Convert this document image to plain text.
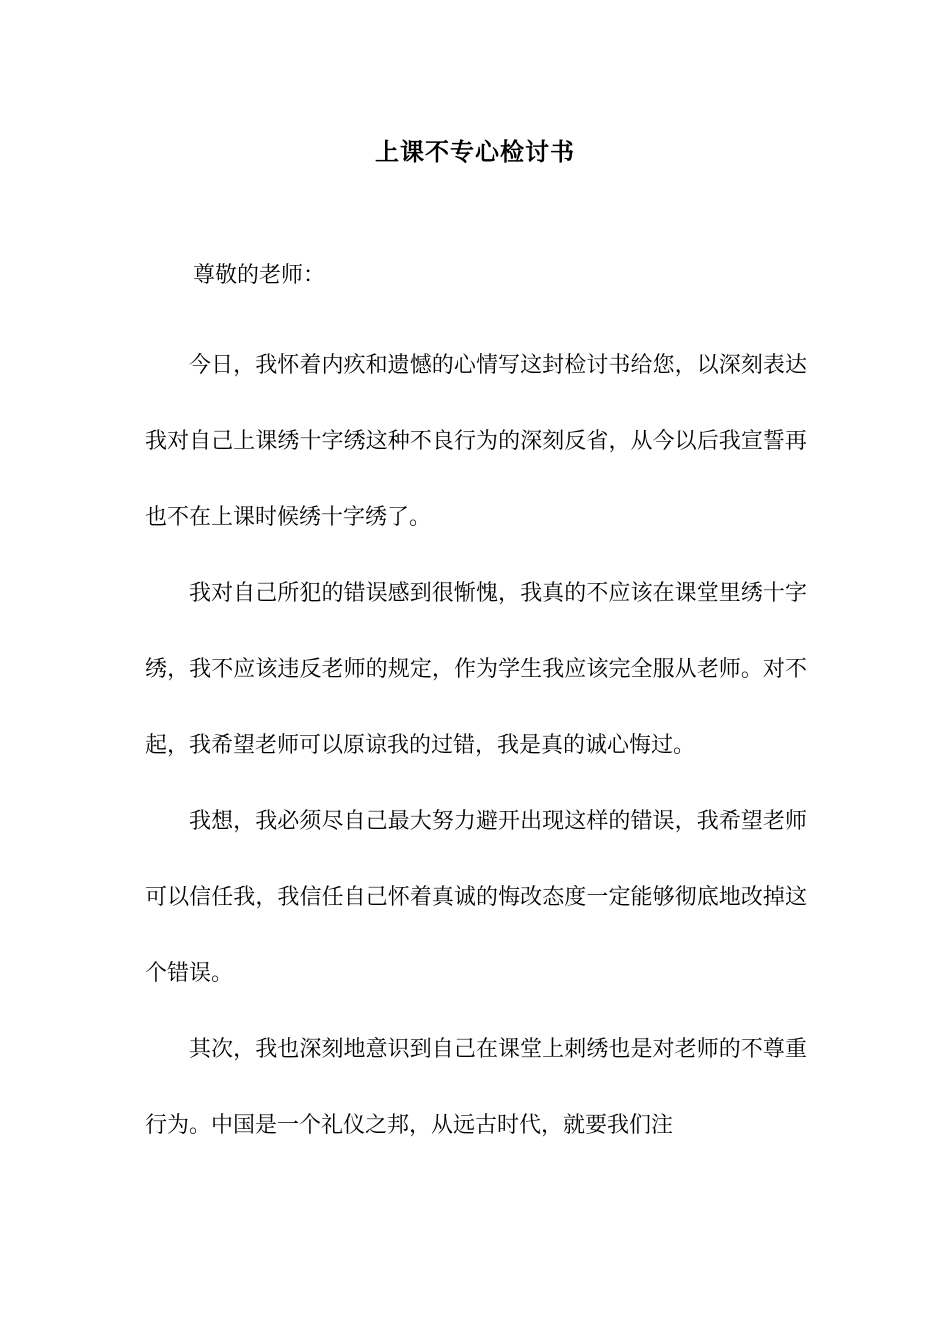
上课不专心检讨书

尊敬的老师：

今日，我怀着内疚和遗憾的心情写这封检讨书给您，以深刻表达我对自己上课绣十字绣这种不良行为的深刻反省，从今以后我宣誓再也不在上课时候绣十字绣了。

我对自己所犯的错误感到很惭愧，我真的不应该在课堂里绣十字绣，我不应该违反老师的规定，作为学生我应该完全服从老师。对不起，我希望老师可以原谅我的过错，我是真的诚心悔过。

我想，我必须尽自己最大努力避开出现这样的错误，我希望老师可以信任我，我信任自己怀着真诚的悔改态度一定能够彻底地改掉这个错误。

其次，我也深刻地意识到自己在课堂上刺绣也是对老师的不尊重行为。中国是一个礼仪之邦，从远古时代，就要我们注
